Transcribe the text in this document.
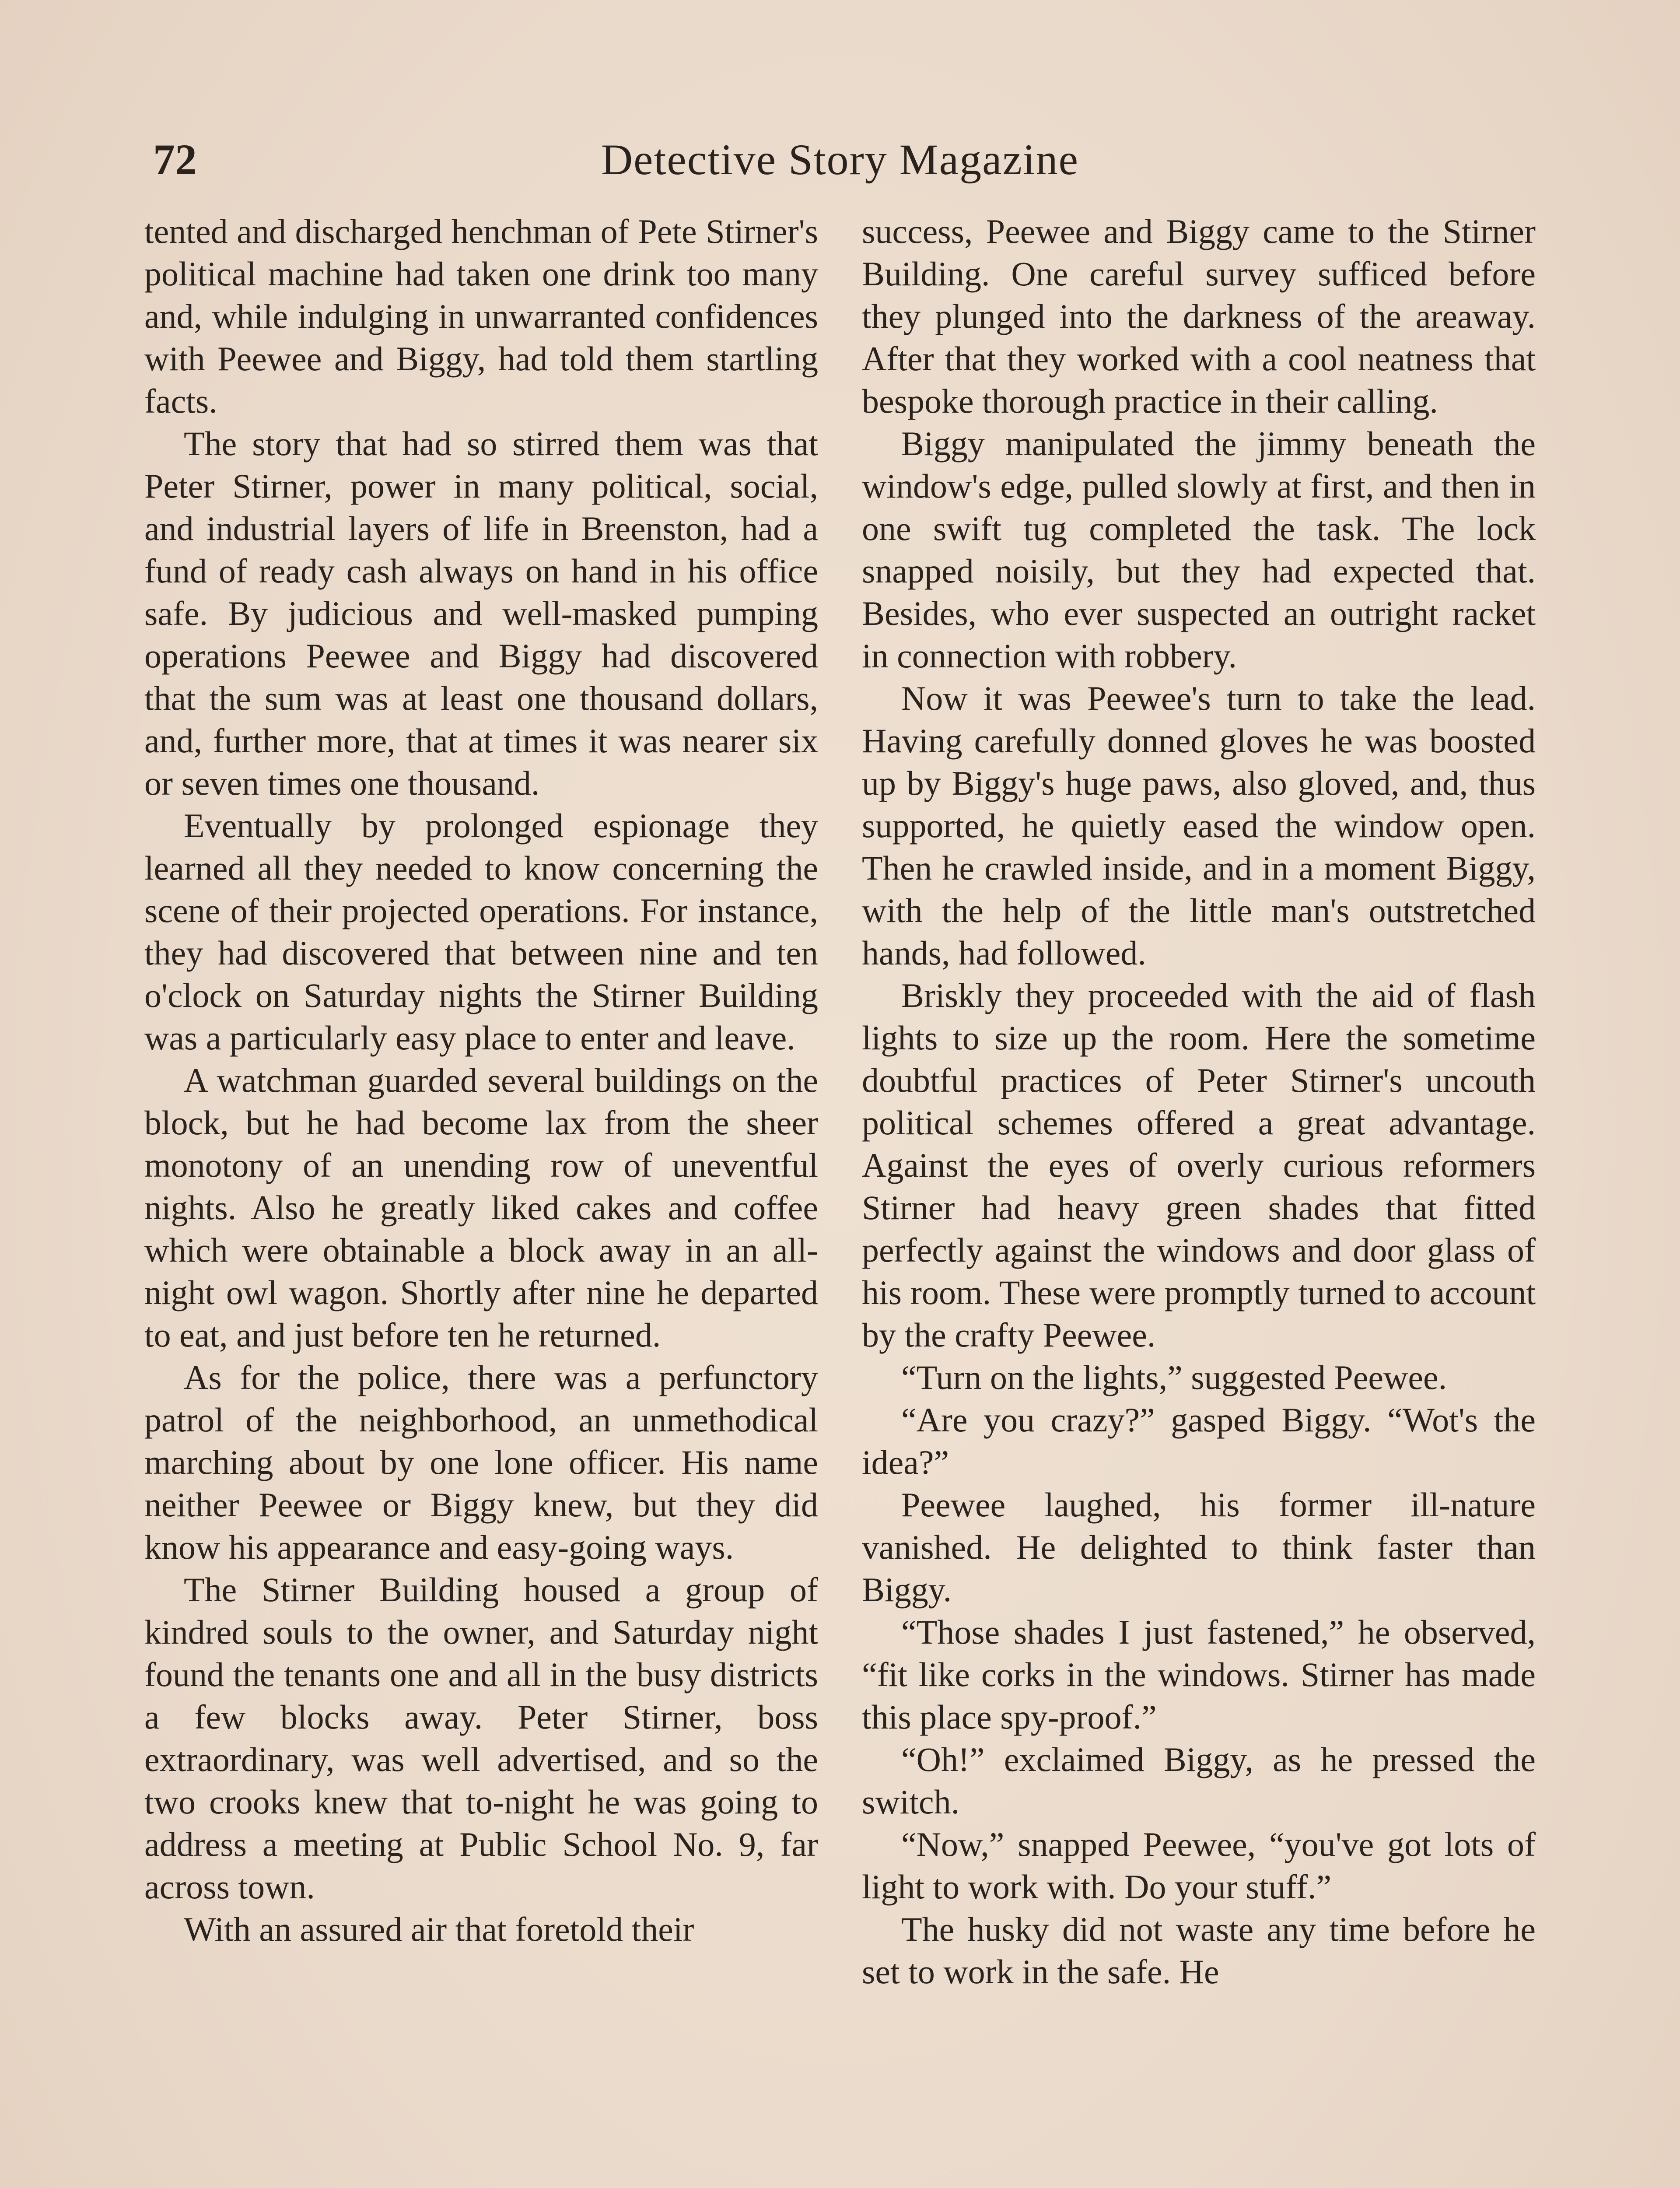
72	Detective Story Magazine

tented and discharged henchman of Pete Stirner's political machine had taken one drink too many and, while indulging in unwarranted confidences with Peewee and Biggy, had told them startling facts.

The story that had so stirred them was that Peter Stirner, power in many political, social, and industrial layers of life in Breenston, had a fund of ready cash always on hand in his office safe. By judicious and well-masked pumping operations Peewee and Biggy had discovered that the sum was at least one thousand dollars, and, further more, that at times it was nearer six or seven times one thousand.

Eventually by prolonged espionage they learned all they needed to know concerning the scene of their projected operations. For instance, they had discovered that between nine and ten o'clock on Saturday nights the Stirner Building was a particularly easy place to enter and leave.

A watchman guarded several buildings on the block, but he had become lax from the sheer monotony of an unending row of uneventful nights. Also he greatly liked cakes and coffee which were obtainable a block away in an all-night owl wagon. Shortly after nine he departed to eat, and just before ten he returned.

As for the police, there was a perfunctory patrol of the neighborhood, an unmethodical marching about by one lone officer. His name neither Peewee or Biggy knew, but they did know his appearance and easy-going ways.

The Stirner Building housed a group of kindred souls to the owner, and Saturday night found the tenants one and all in the busy districts a few blocks away. Peter Stirner, boss extraordinary, was well advertised, and so the two crooks knew that to-night he was going to address a meeting at Public School No. 9, far across town.

With an assured air that foretold their

success, Peewee and Biggy came to the Stirner Building. One careful survey sufficed before they plunged into the darkness of the areaway. After that they worked with a cool neatness that bespoke thorough practice in their calling.

Biggy manipulated the jimmy beneath the window's edge, pulled slowly at first, and then in one swift tug completed the task. The lock snapped noisily, but they had expected that. Besides, who ever suspected an outright racket in connection with robbery.

Now it was Peewee's turn to take the lead. Having carefully donned gloves he was boosted up by Biggy's huge paws, also gloved, and, thus supported, he quietly eased the window open. Then he crawled inside, and in a moment Biggy, with the help of the little man's outstretched hands, had followed.

Briskly they proceeded with the aid of flash lights to size up the room. Here the sometime doubtful practices of Peter Stirner's uncouth political schemes offered a great advantage. Against the eyes of overly curious reformers Stirner had heavy green shades that fitted perfectly against the windows and door glass of his room. These were promptly turned to account by the crafty Peewee.

“Turn on the lights,” suggested Peewee.

“Are you crazy?” gasped Biggy. “Wot's the idea?”

Peewee laughed, his former ill-nature vanished. He delighted to think faster than Biggy.

“Those shades I just fastened,” he observed, “fit like corks in the windows. Stirner has made this place spy-proof.”

“Oh!” exclaimed Biggy, as he pressed the switch.

“Now,” snapped Peewee, “you've got lots of light to work with. Do your stuff.”

The husky did not waste any time before he set to work in the safe. He
